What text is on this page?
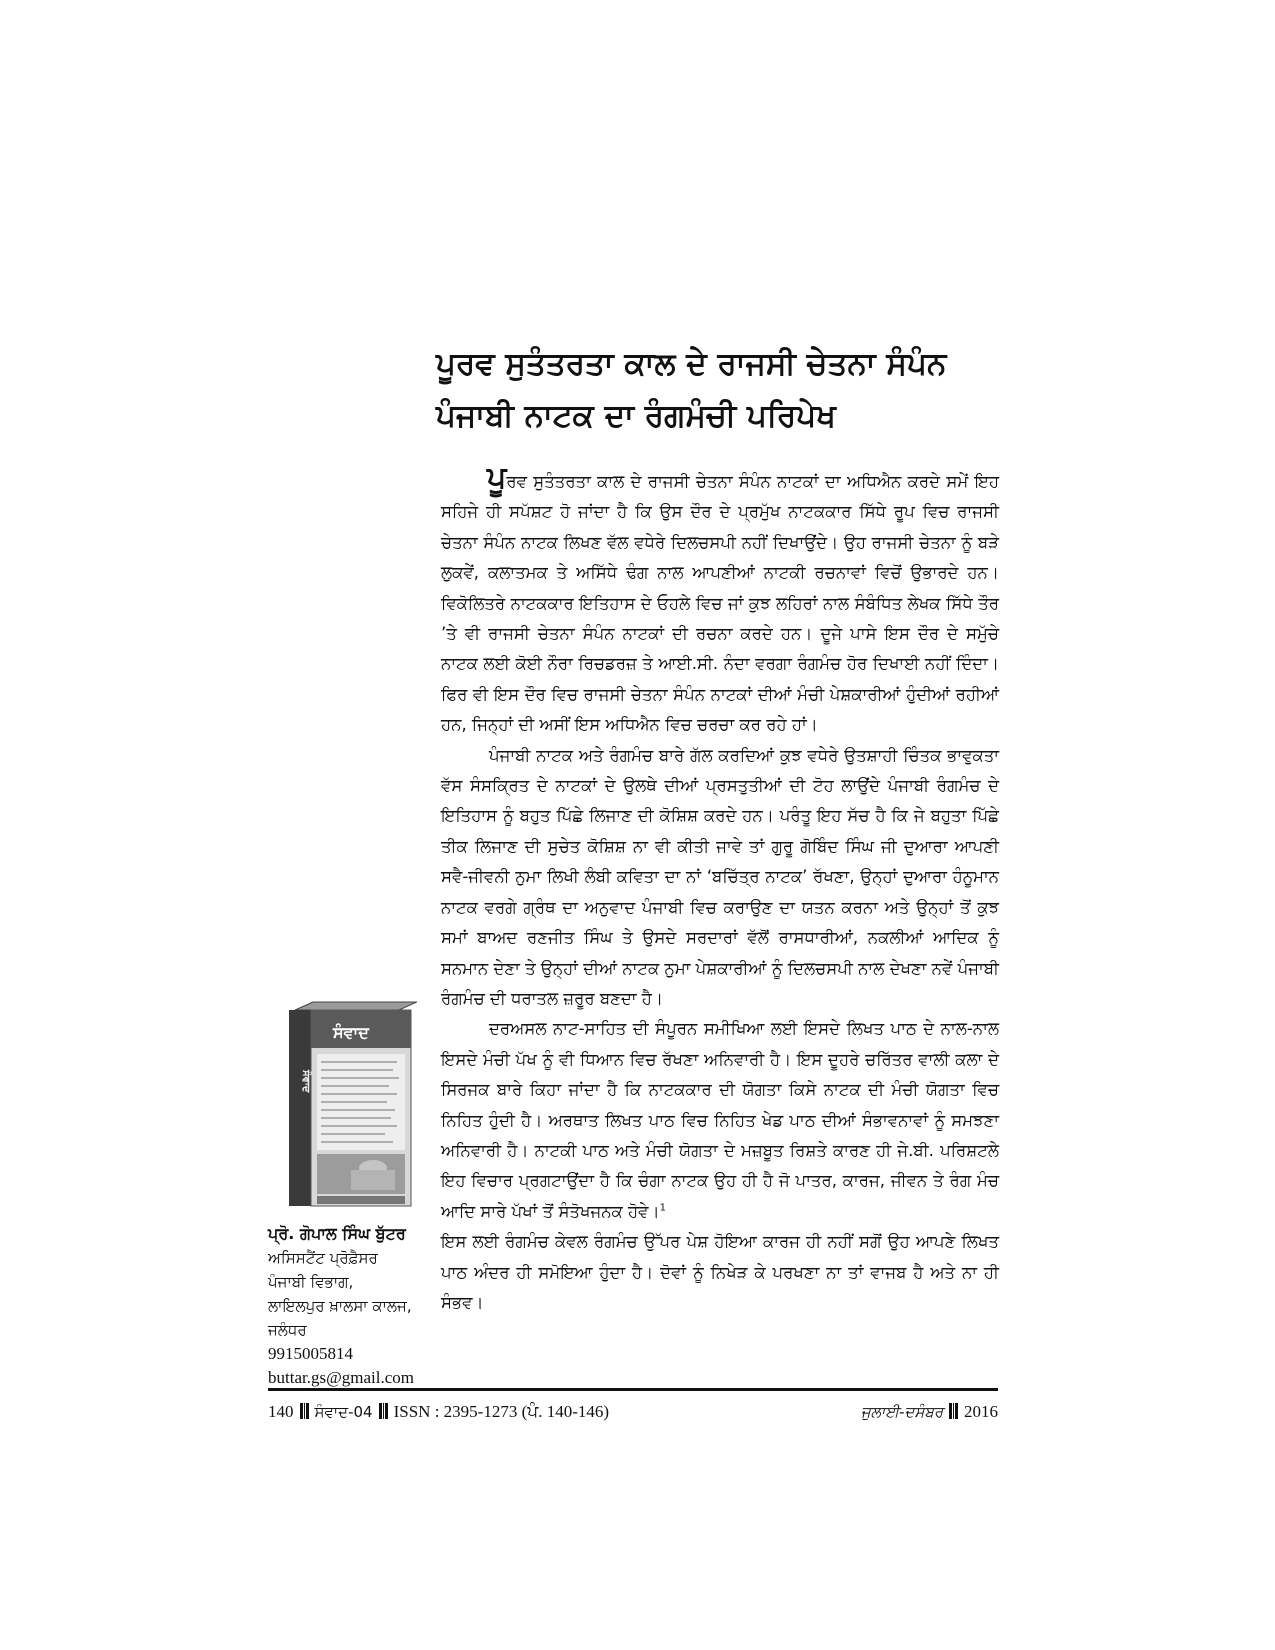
ਪੂਰਵ ਸੁਤੰਤਰਤਾ ਕਾਲ ਦੇ ਰਾਜਸੀ ਚੇਤਨਾ ਸੰਪੰਨ
ਪੰਜਾਬੀ ਨਾਟਕ ਦਾ ਰੰਗਮੰਚੀ ਪਰਿਪੇਖ

ਪੂਰਵ ਸੁਤੰਤਰਤਾ ਕਾਲ ਦੇ ਰਾਜਸੀ ਚੇਤਨਾ ਸੰਪੰਨ ਨਾਟਕਾਂ ਦਾ ਅਧਿਐਨ ਕਰਦੇ ਸਮੇਂ ਇਹ ਸਹਿਜੇ ਹੀ ਸਪੱਸ਼ਟ ਹੋ ਜਾਂਦਾ ਹੈ ਕਿ ਉਸ ਦੌਰ ਦੇ ਪ੍ਰਮੁੱਖ ਨਾਟਕਕਾਰ ਸਿੱਧੇ ਰੂਪ ਵਿਚ ਰਾਜਸੀ ਚੇਤਨਾ ਸੰਪੰਨ ਨਾਟਕ ਲਿਖਣ ਵੱਲ ਵਧੇਰੇ ਦਿਲਚਸਪੀ ਨਹੀਂ ਦਿਖਾਉਂਦੇ। ਉਹ ਰਾਜਸੀ ਚੇਤਨਾ ਨੂੰ ਬੜੇ ਲੁਕਵੇਂ, ਕਲਾਤਮਕ ਤੇ ਅਸਿੱਧੇ ਢੰਗ ਨਾਲ ਆਪਣੀਆਂ ਨਾਟਕੀ ਰਚਨਾਵਾਂ ਵਿਚੋਂ ਉਭਾਰਦੇ ਹਨ। ਵਿਕੋਲਿਤਰੇ ਨਾਟਕਕਾਰ ਇਤਿਹਾਸ ਦੇ ਓਹਲੇ ਵਿਚ ਜਾਂ ਕੁਝ ਲਹਿਰਾਂ ਨਾਲ ਸੰਬੰਧਿਤ ਲੇਖਕ ਸਿੱਧੇ ਤੌਰ ’ਤੇ ਵੀ ਰਾਜਸੀ ਚੇਤਨਾ ਸੰਪੰਨ ਨਾਟਕਾਂ ਦੀ ਰਚਨਾ ਕਰਦੇ ਹਨ। ਦੂਜੇ ਪਾਸੇ ਇਸ ਦੌਰ ਦੇ ਸਮੁੱਚੇ ਨਾਟਕ ਲਈ ਕੋਈ ਨੌਰਾ ਰਿਚਡਰਜ਼ ਤੇ ਆਈ.ਸੀ. ਨੰਦਾ ਵਰਗਾ ਰੰਗਮੰਚ ਹੋਰ ਦਿਖਾਈ ਨਹੀਂ ਦਿੰਦਾ। ਫਿਰ ਵੀ ਇਸ ਦੌਰ ਵਿਚ ਰਾਜਸੀ ਚੇਤਨਾ ਸੰਪੰਨ ਨਾਟਕਾਂ ਦੀਆਂ ਮੰਚੀ ਪੇਸ਼ਕਾਰੀਆਂ ਹੁੰਦੀਆਂ ਰਹੀਆਂ ਹਨ, ਜਿਨ੍ਹਾਂ ਦੀ ਅਸੀਂ ਇਸ ਅਧਿਐਨ ਵਿਚ ਚਰਚਾ ਕਰ ਰਹੇ ਹਾਂ।

ਪੰਜਾਬੀ ਨਾਟਕ ਅਤੇ ਰੰਗਮੰਚ ਬਾਰੇ ਗੱਲ ਕਰਦਿਆਂ ਕੁਝ ਵਧੇਰੇ ਉਤਸ਼ਾਹੀ ਚਿੰਤਕ ਭਾਵੁਕਤਾ ਵੱਸ ਸੰਸਕ੍ਰਿਤ ਦੇ ਨਾਟਕਾਂ ਦੇ ਉਲਥੇ ਦੀਆਂ ਪ੍ਰਸਤੁਤੀਆਂ ਦੀ ਟੋਹ ਲਾਉਂਦੇ ਪੰਜਾਬੀ ਰੰਗਮੰਚ ਦੇ ਇਤਿਹਾਸ ਨੂੰ ਬਹੁਤ ਪਿੱਛੇ ਲਿਜਾਣ ਦੀ ਕੋਸ਼ਿਸ਼ ਕਰਦੇ ਹਨ। ਪਰੰਤੂ ਇਹ ਸੱਚ ਹੈ ਕਿ ਜੇ ਬਹੁਤਾ ਪਿੱਛੇ ਤੀਕ ਲਿਜਾਣ ਦੀ ਸੁਚੇਤ ਕੋਸ਼ਿਸ਼ ਨਾ ਵੀ ਕੀਤੀ ਜਾਵੇ ਤਾਂ ਗੁਰੂ ਗੋਬਿੰਦ ਸਿੰਘ ਜੀ ਦੁਆਰਾ ਆਪਣੀ ਸਵੈ-ਜੀਵਨੀ ਨੁਮਾ ਲਿਖੀ ਲੰਬੀ ਕਵਿਤਾ ਦਾ ਨਾਂ ‘ਬਚਿੱਤ੍ਰ ਨਾਟਕ’ ਰੱਖਣਾ, ਉਨ੍ਹਾਂ ਦੁਆਰਾ ਹੰਨੂਮਾਨ ਨਾਟਕ ਵਰਗੇ ਗ੍ਰੰਥ ਦਾ ਅਨੁਵਾਦ ਪੰਜਾਬੀ ਵਿਚ ਕਰਾਉਣ ਦਾ ਯਤਨ ਕਰਨਾ ਅਤੇ ਉਨ੍ਹਾਂ ਤੋਂ ਕੁਝ ਸਮਾਂ ਬਾਅਦ ਰਣਜੀਤ ਸਿੰਘ ਤੇ ਉਸਦੇ ਸਰਦਾਰਾਂ ਵੱਲੋਂ ਰਾਸਧਾਰੀਆਂ, ਨਕਲੀਆਂ ਆਦਿਕ ਨੂੰ ਸਨਮਾਨ ਦੇਣਾ ਤੇ ਉਨ੍ਹਾਂ ਦੀਆਂ ਨਾਟਕ ਨੁਮਾ ਪੇਸ਼ਕਾਰੀਆਂ ਨੂੰ ਦਿਲਚਸਪੀ ਨਾਲ ਦੇਖਣਾ ਨਵੇਂ ਪੰਜਾਬੀ ਰੰਗਮੰਚ ਦੀ ਧਰਾਤਲ ਜ਼ਰੂਰ ਬਣਦਾ ਹੈ।

ਦਰਅਸਲ ਨਾਟ-ਸਾਹਿਤ ਦੀ ਸੰਪੂਰਨ ਸਮੀਖਿਆ ਲਈ ਇਸਦੇ ਲਿਖਤ ਪਾਠ ਦੇ ਨਾਲ-ਨਾਲ ਇਸਦੇ ਮੰਚੀ ਪੱਖ ਨੂੰ ਵੀ ਧਿਆਨ ਵਿਚ ਰੱਖਣਾ ਅਨਿਵਾਰੀ ਹੈ। ਇਸ ਦੂਹਰੇ ਚਰਿੱਤਰ ਵਾਲੀ ਕਲਾ ਦੇ ਸਿਰਜਕ ਬਾਰੇ ਕਿਹਾ ਜਾਂਦਾ ਹੈ ਕਿ ਨਾਟਕਕਾਰ ਦੀ ਯੋਗਤਾ ਕਿਸੇ ਨਾਟਕ ਦੀ ਮੰਚੀ ਯੋਗਤਾ ਵਿਚ ਨਿਹਿਤ ਹੁੰਦੀ ਹੈ। ਅਰਥਾਤ ਲਿਖਤ ਪਾਠ ਵਿਚ ਨਿਹਿਤ ਖੇਡ ਪਾਠ ਦੀਆਂ ਸੰਭਾਵਨਾਵਾਂ ਨੂੰ ਸਮਝਣਾ ਅਨਿਵਾਰੀ ਹੈ। ਨਾਟਕੀ ਪਾਠ ਅਤੇ ਮੰਚੀ ਯੋਗਤਾ ਦੇ ਮਜ਼ਬੂਤ ਰਿਸ਼ਤੇ ਕਾਰਣ ਹੀ ਜੇ.ਬੀ. ਪਰਿਸ਼ਟਲੇ ਇਹ ਵਿਚਾਰ ਪ੍ਰਗਟਾਉਂਦਾ ਹੈ ਕਿ ਚੰਗਾ ਨਾਟਕ ਉਹ ਹੀ ਹੈ ਜੋ ਪਾਤਰ, ਕਾਰਜ, ਜੀਵਨ ਤੇ ਰੰਗ ਮੰਚ ਆਦਿ ਸਾਰੇ ਪੱਖਾਂ ਤੋਂ ਸੰਤੋਖਜਨਕ ਹੋਵੇ।$^1$

ਇਸ ਲਈ ਰੰਗਮੰਚ ਕੇਵਲ ਰੰਗਮੰਚ ਉੱਪਰ ਪੇਸ਼ ਹੋਇਆ ਕਾਰਜ ਹੀ ਨਹੀਂ ਸਗੋਂ ਉਹ ਆਪਣੇ ਲਿਖਤ ਪਾਠ ਅੰਦਰ ਹੀ ਸਮੋਇਆ ਹੁੰਦਾ ਹੈ। ਦੋਵਾਂ ਨੂੰ ਨਿਖੇੜ ਕੇ ਪਰਖਣਾ ਨਾ ਤਾਂ ਵਾਜਬ ਹੈ ਅਤੇ ਨਾ ਹੀ ਸੰਭਵ।

ਸੰਵਾਦ
ਸੰਵਾਦ
ਪ੍ਰੋ. ਗੋਪਾਲ ਸਿੰਘ ਬੁੱਟਰ
ਅਸਿਸਟੈਂਟ ਪ੍ਰੋਫ਼ੈਸਰ
ਪੰਜਾਬੀ ਵਿਭਾਗ,
ਲਾਇਲਪੁਰ ਖ਼ਾਲਸਾ ਕਾਲਜ,
ਜਲੰਧਰ
9915005814
buttar.gs@gmail.com
140 ਸੰਵਾਦ-04 ISSN : 2395-1273 (ਪੰ. 140-146)	ਜੁਲਾਈ-ਦਸੰਬਰ 2016
